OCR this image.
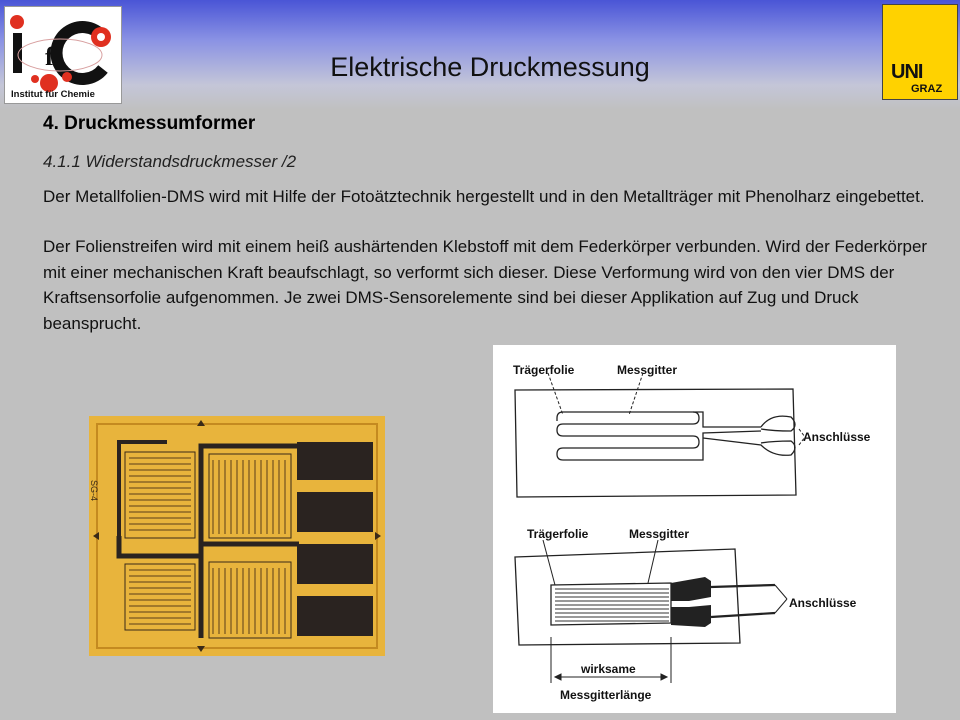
f
Institut für Chemie
UNI
GRAZ
Elektrische Druckmessung
4. Druckmessumformer
4.1.1 Widerstandsdruckmesser /2

Der Metallfolien-DMS wird mit Hilfe der Fotoätztechnik hergestellt und in den Metallträger mit Phenolharz eingebettet.

Der Folienstreifen wird mit einem heiß aushärtenden Klebstoff mit dem Federkörper verbunden. Wird der Federkörper mit einer mechanischen Kraft beaufschlagt, so verformt sich dieser. Diese Verformung wird von den vier DMS der Kraftsensorfolie aufgenommen. Je zwei DMS-Sensorelemente sind bei dieser Applikation auf Zug und Druck beansprucht.

SG-4
Trägerfolie	Messgitter
Anschlüsse
Trägerfolie	Messgitter
Anschlüsse
wirksame
Messgitterlänge
